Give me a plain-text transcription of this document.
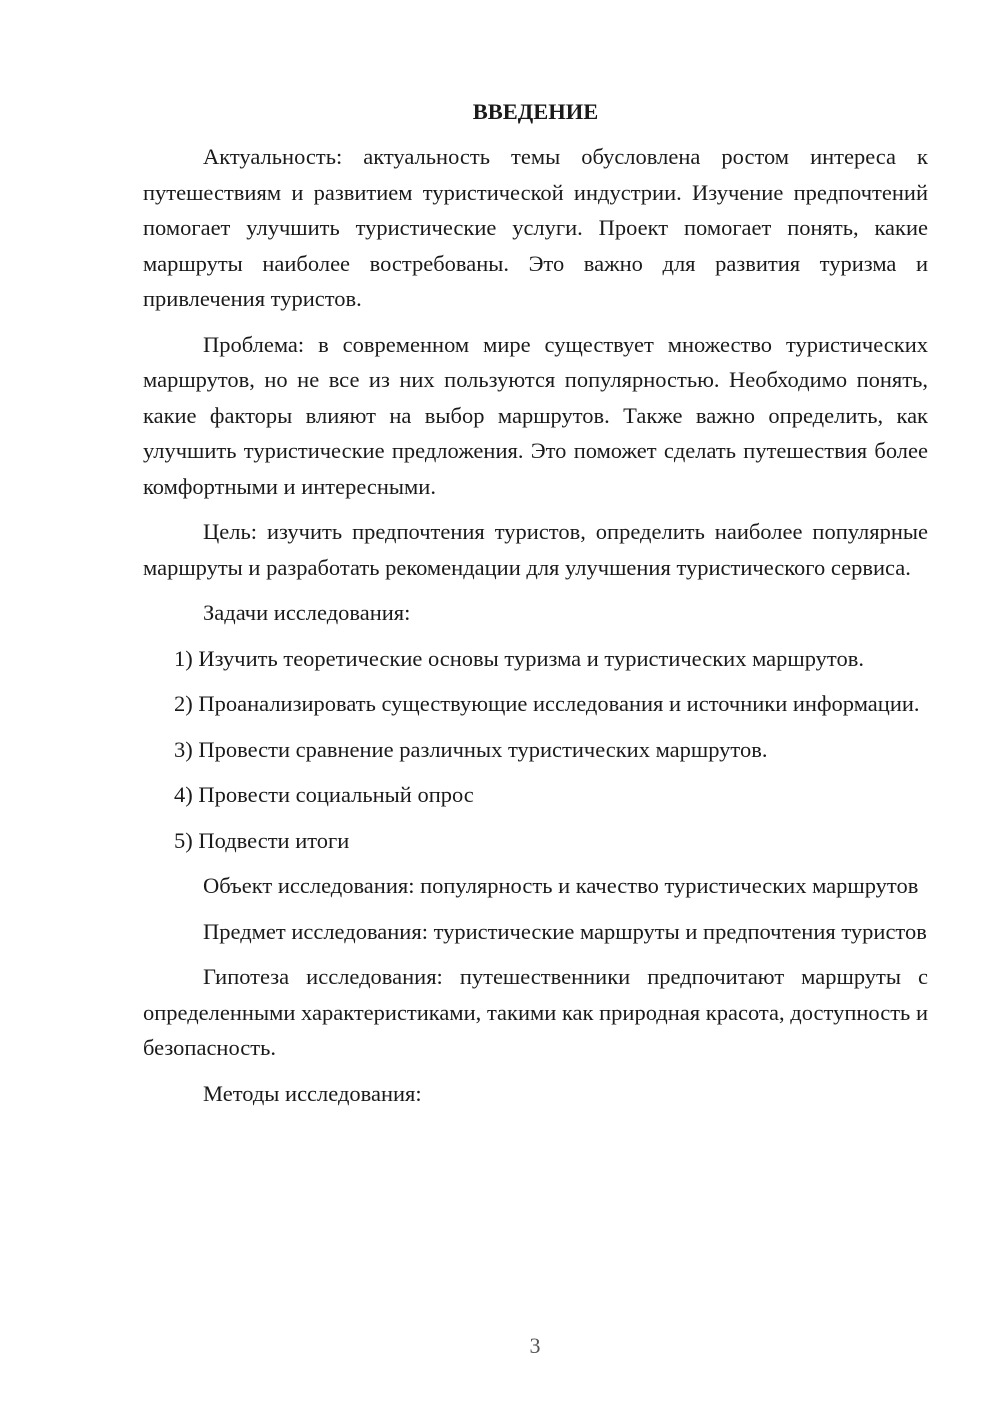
ВВЕДЕНИЕ

Актуальность: актуальность темы обусловлена ростом интереса к путешествиям и развитием туристической индустрии. Изучение предпочтений помогает улучшить туристические услуги. Проект помогает понять, какие маршруты наиболее востребованы. Это важно для развития туризма и привлечения туристов.

Проблема: в современном мире существует множество туристических маршрутов, но не все из них пользуются популярностью. Необходимо понять, какие факторы влияют на выбор маршрутов. Также важно определить, как улучшить туристические предложения. Это поможет сделать путешествия более комфортными и интересными.

Цель: изучить предпочтения туристов, определить наиболее популярные маршруты и разработать рекомендации для улучшения туристического сервиса.

Задачи исследования:

1) Изучить теоретические основы туризма и туристических маршрутов.

2) Проанализировать существующие исследования и источники информации.

3) Провести сравнение различных туристических маршрутов.

4) Провести социальный опрос

5) Подвести итоги

Объект исследования: популярность и качество туристических маршрутов

Предмет исследования: туристические маршруты и предпочтения туристов

Гипотеза исследования: путешественники предпочитают маршруты с определенными характеристиками, такими как природная красота, доступность и безопасность.

Методы исследования:

3
